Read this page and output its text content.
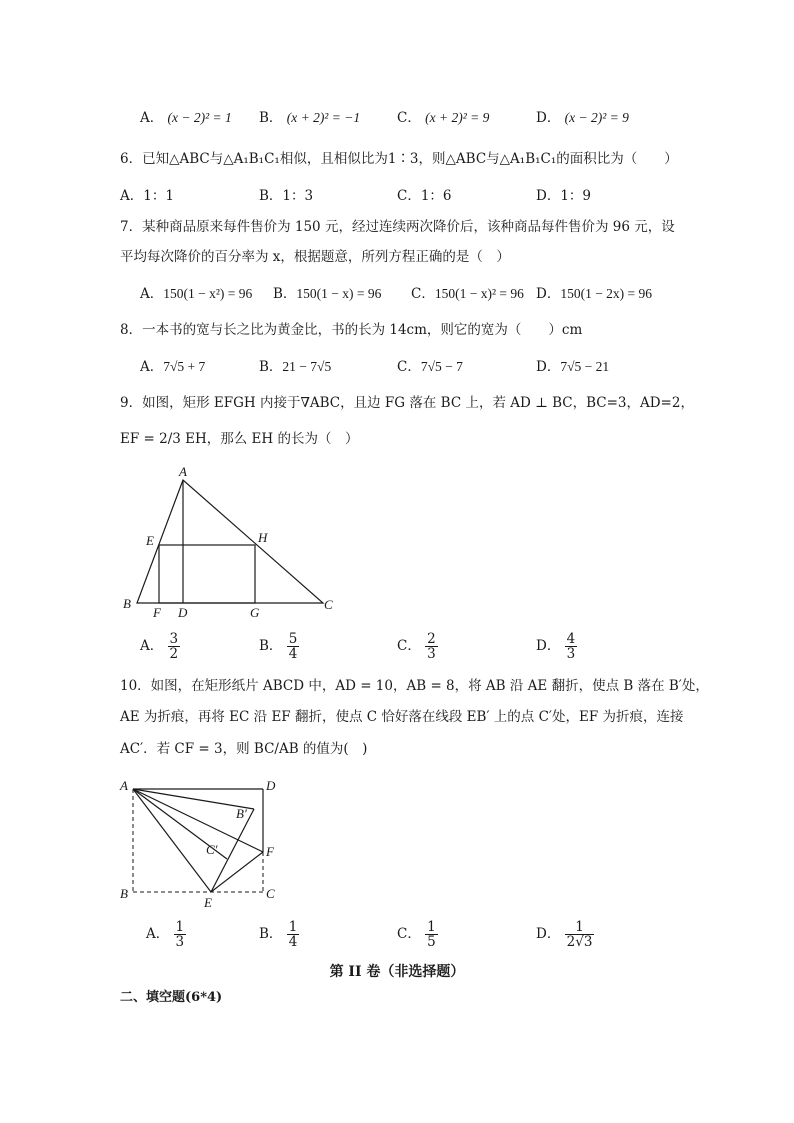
A． (x − 2)² = 1 B． (x + 2)² = −1	C． (x + 2)² = 9	D． (x − 2)² = 9
6．已知△ABC与△A₁B₁C₁相似，且相似比为1∶3，则△ABC与△A₁B₁C₁的面积比为（　　）
A．1：1	B．1：3	C．1：6	D．1：9
7．某种商品原来每件售价为 150 元，经过连续两次降价后，该种商品每件售价为 96 元，设
平均每次降价的百分率为 x，根据题意，所列方程正确的是（　）
A．150(1 − x²) = 96 B．150(1 − x) = 96 C．150(1 − x)² = 96 D．150(1 − 2x) = 96
8．一本书的宽与长之比为黄金比，书的长为 14cm，则它的宽为（　　）cm
A．7√5 + 7	B．21 − 7√5	C．7√5 − 7	D．7√5 − 21
9．如图，矩形 EFGH 内接于∇ABC，且边 FG 落在 BC 上，若 AD ⊥ BC，BC=3，AD=2，
EF = 2/3 EH，那么 EH 的长为（　）
A
B	C
D
E
F	G
H
A． $\frac{3}{2}$	B． $\frac{5}{4}$	C． $\frac{2}{3}$	D． $\frac{4}{3}$
10．如图，在矩形纸片 ABCD 中，AD = 10，AB = 8，将 AB 沿 AE 翻折，使点 B 落在 B′处，
AE 为折痕，再将 EC 沿 EF 翻折，使点 C 恰好落在线段 EB′ 上的点 C′处，EF 为折痕，连接
AC′．若 CF = 3，则 BC/AB 的值为(　)
A	D
B′
C′	F
B	C
E
A． $\frac{1}{3}$	B． $\frac{1}{4}$	C． $\frac{1}{5}$	D． $\frac{1}{2√3}$
第 II 卷（非选择题）
二、填空题(6*4)
